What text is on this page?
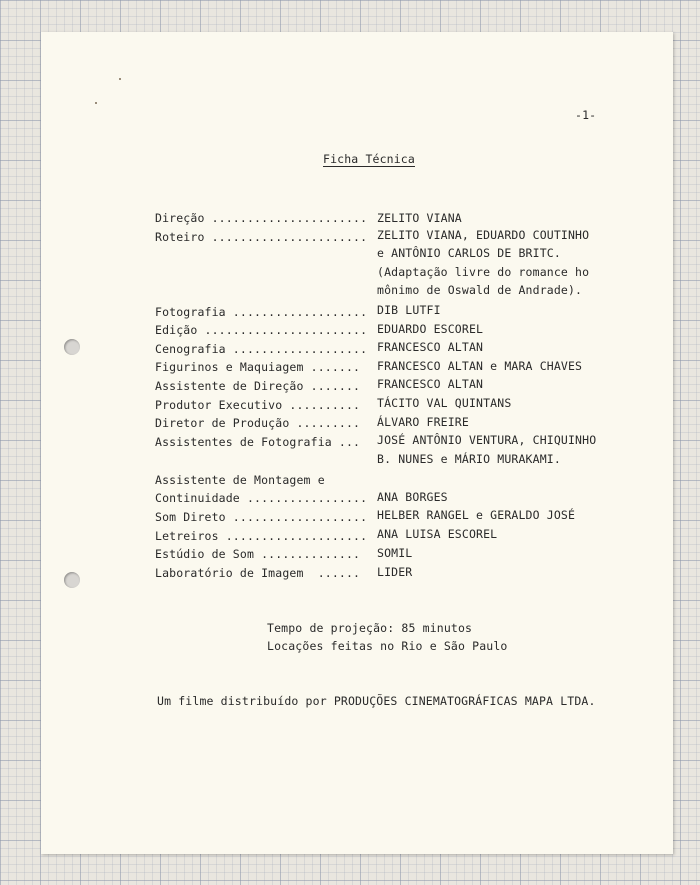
-1-
Ficha Técnica
Direção ...................... ZELITO VIANA
Roteiro ...................... ZELITO VIANA, EDUARDO COUTINHO
e ANTÔNIO CARLOS DE BRITC.
(Adaptação livre do romance ho
mônimo de Oswald de Andrade).
Fotografia ................... DIB LUTFI
Edição ....................... EDUARDO ESCOREL
Cenografia ................... FRANCESCO ALTAN
Figurinos e Maquiagem ....... FRANCESCO ALTAN e MARA CHAVES
Assistente de Direção ....... FRANCESCO ALTAN
Produtor Executivo .......... TÁCITO VAL QUINTANS
Diretor de Produção ......... ÁLVARO FREIRE
Assistentes de Fotografia ... JOSÉ ANTÔNIO VENTURA, CHIQUINHO
B. NUNES e MÁRIO MURAKAMI.
Assistente de Montagem e
Continuidade ................. ANA BORGES
Som Direto ................... HELBER RANGEL e GERALDO JOSÉ
Letreiros .................... ANA LUISA ESCOREL
Estúdio de Som .............. SOMIL
Laboratório de Imagem  ...... LIDER
Tempo de projeção: 85 minutos
Locações feitas no Rio e São Paulo
Um filme distribuído por PRODUÇÕES CINEMATOGRÁFICAS MAPA LTDA.
